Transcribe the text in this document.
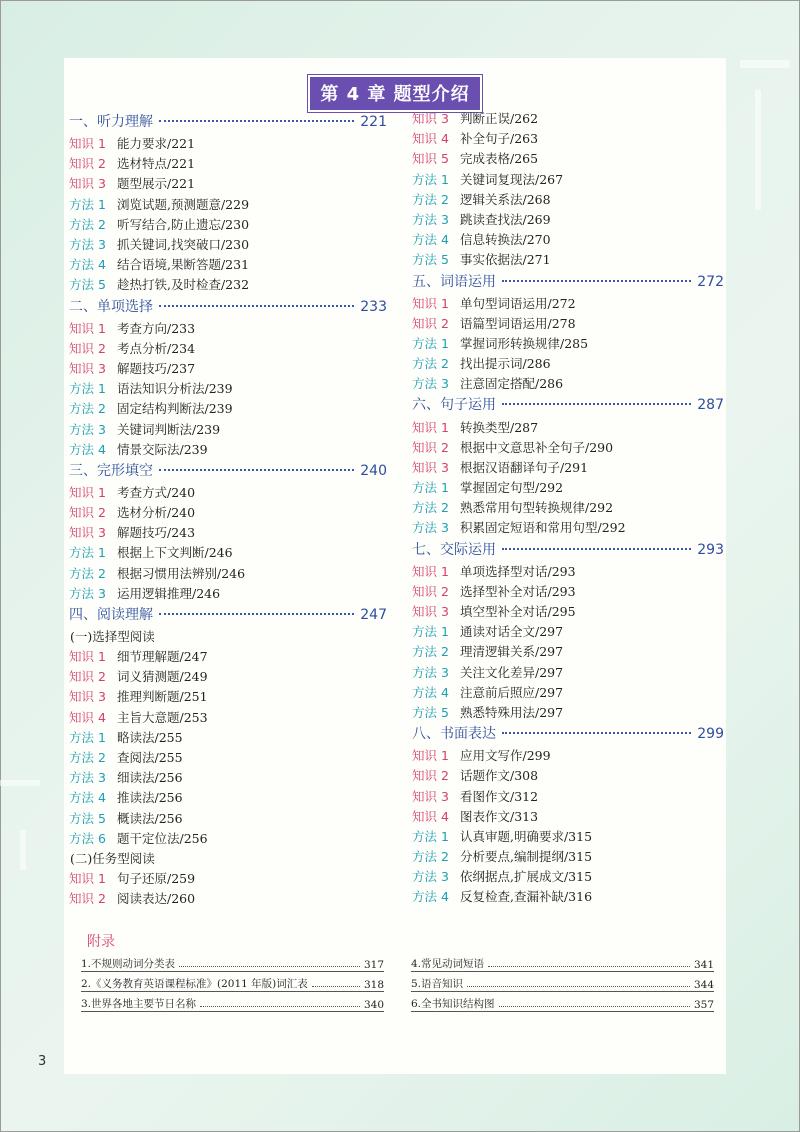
第 4 章 题型介绍
一、听力理解	221
知识 1 能力要求/221
知识 2 选材特点/221
知识 3 题型展示/221
方法 1 浏览试题,预测题意/229
方法 2 听写结合,防止遗忘/230
方法 3 抓关键词,找突破口/230
方法 4 结合语境,果断答题/231
方法 5 趁热打铁,及时检查/232
二、单项选择	233
知识 1 考查方向/233
知识 2 考点分析/234
知识 3 解题技巧/237
方法 1 语法知识分析法/239
方法 2 固定结构判断法/239
方法 3 关键词判断法/239
方法 4 情景交际法/239
三、完形填空	240
知识 1 考查方式/240
知识 2 选材分析/240
知识 3 解题技巧/243
方法 1 根据上下文判断/246
方法 2 根据习惯用法辨别/246
方法 3 运用逻辑推理/246
四、阅读理解	247
(一)选择型阅读
知识 1 细节理解题/247
知识 2 词义猜测题/249
知识 3 推理判断题/251
知识 4 主旨大意题/253
方法 1 略读法/255
方法 2 查阅法/255
方法 3 细读法/256
方法 4 推读法/256
方法 5 概读法/256
方法 6 题干定位法/256
(二)任务型阅读
知识 1 句子还原/259
知识 2 阅读表达/260
知识 3 判断正误/262
知识 4 补全句子/263
知识 5 完成表格/265
方法 1 关键词复现法/267
方法 2 逻辑关系法/268
方法 3 跳读查找法/269
方法 4 信息转换法/270
方法 5 事实依据法/271
五、词语运用	272
知识 1 单句型词语运用/272
知识 2 语篇型词语运用/278
方法 1 掌握词形转换规律/285
方法 2 找出提示词/286
方法 3 注意固定搭配/286
六、句子运用	287
知识 1 转换类型/287
知识 2 根据中文意思补全句子/290
知识 3 根据汉语翻译句子/291
方法 1 掌握固定句型/292
方法 2 熟悉常用句型转换规律/292
方法 3 积累固定短语和常用句型/292
七、交际运用	293
知识 1 单项选择型对话/293
知识 2 选择型补全对话/293
知识 3 填空型补全对话/295
方法 1 通读对话全文/297
方法 2 理清逻辑关系/297
方法 3 关注文化差异/297
方法 4 注意前后照应/297
方法 5 熟悉特殊用法/297
八、书面表达	299
知识 1 应用文写作/299
知识 2 话题作文/308
知识 3 看图作文/312
知识 4 图表作文/313
方法 1 认真审题,明确要求/315
方法 2 分析要点,编制提纲/315
方法 3 依纲据点,扩展成文/315
方法 4 反复检查,查漏补缺/316
附录
1.不规则动词分类表	317
2.《义务教育英语课程标准》(2011 年版)词汇表	318
3.世界各地主要节日名称	340
4.常见动词短语	341
5.语音知识	344
6.全书知识结构图	357
3
